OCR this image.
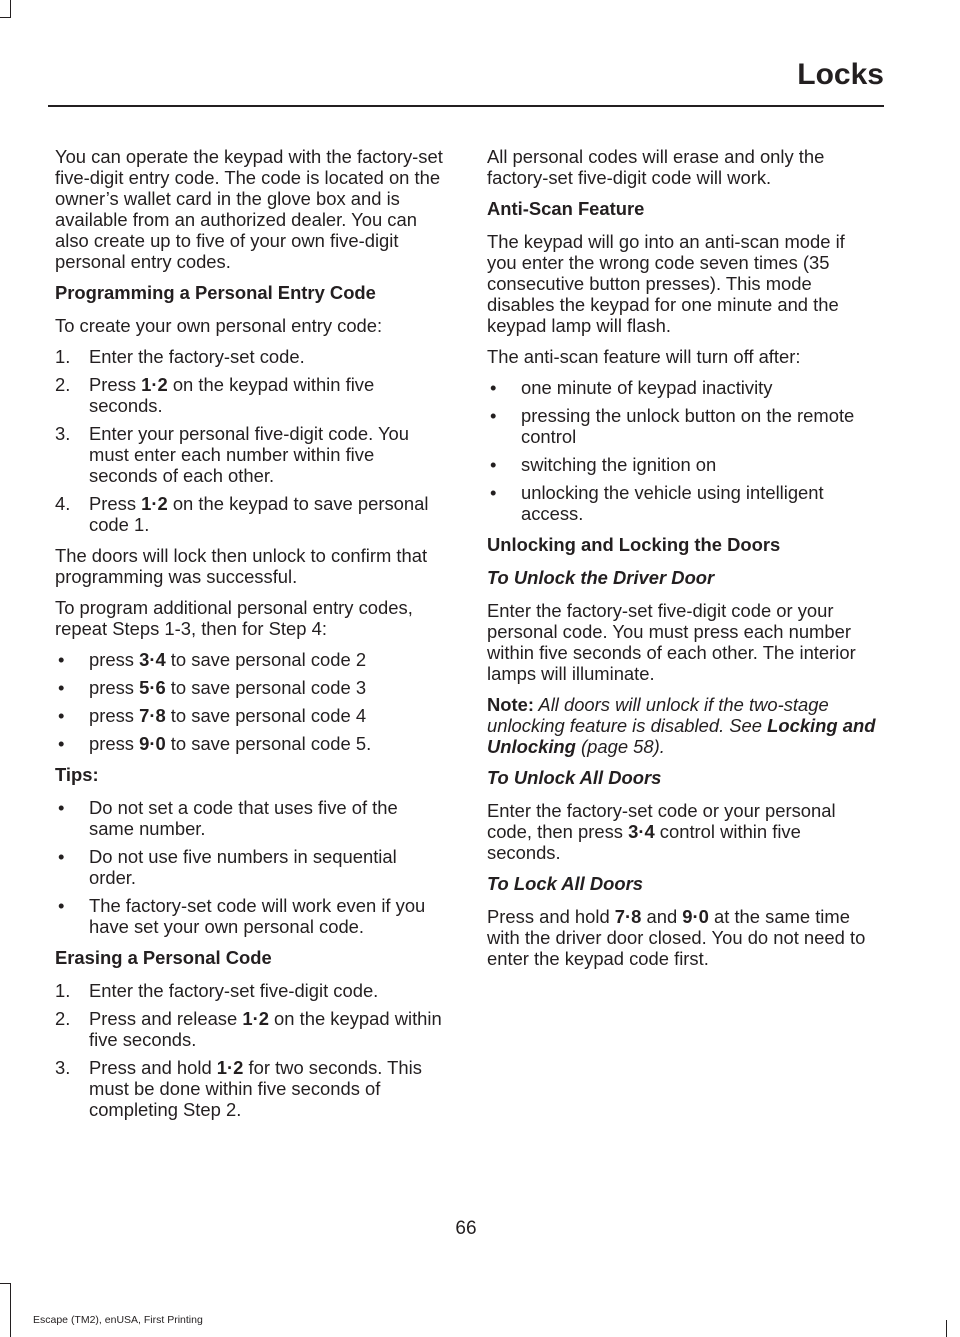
Locks

You can operate the keypad with the factory-set five-digit entry code. The code is located on the owner’s wallet card in the glove box and is available from an authorized dealer. You can also create up to five of your own five-digit personal entry codes.

Programming a Personal Entry Code

To create your own personal entry code:

1. Enter the factory-set code.
2. Press 1·2 on the keypad within five seconds.
3. Enter your personal five-digit code. You must enter each number within five seconds of each other.
4. Press 1·2 on the keypad to save personal code 1.

The doors will lock then unlock to confirm that programming was successful.

To program additional personal entry codes, repeat Steps 1-3, then for Step 4:

• press 3·4 to save personal code 2
• press 5·6 to save personal code 3
• press 7·8 to save personal code 4
• press 9·0 to save personal code 5.
Tips:
• Do not set a code that uses five of the same number.
• Do not use five numbers in sequential order.
• The factory-set code will work even if you have set your own personal code.
Erasing a Personal Code
1. Enter the factory-set five-digit code.
2. Press and release 1·2 on the keypad within five seconds.
3. Press and hold 1·2 for two seconds. This must be done within five seconds of completing Step 2.

All personal codes will erase and only the factory-set five-digit code will work.

Anti-Scan Feature

The keypad will go into an anti-scan mode if you enter the wrong code seven times (35 consecutive button presses). This mode disables the keypad for one minute and the keypad lamp will flash.

The anti-scan feature will turn off after:

• one minute of keypad inactivity
• pressing the unlock button on the remote control
• switching the ignition on
• unlocking the vehicle using intelligent access.
Unlocking and Locking the Doors
To Unlock the Driver Door

Enter the factory-set five-digit code or your personal code. You must press each number within five seconds of each other. The interior lamps will illuminate.

Note: All doors will unlock if the two-stage unlocking feature is disabled. See Locking and Unlocking (page 58).

To Unlock All Doors

Enter the factory-set code or your personal code, then press 3·4 control within five seconds.

To Lock All Doors

Press and hold 7·8 and 9·0 at the same time with the driver door closed. You do not need to enter the keypad code first.

66
Escape (TM2), enUSA, First Printing
